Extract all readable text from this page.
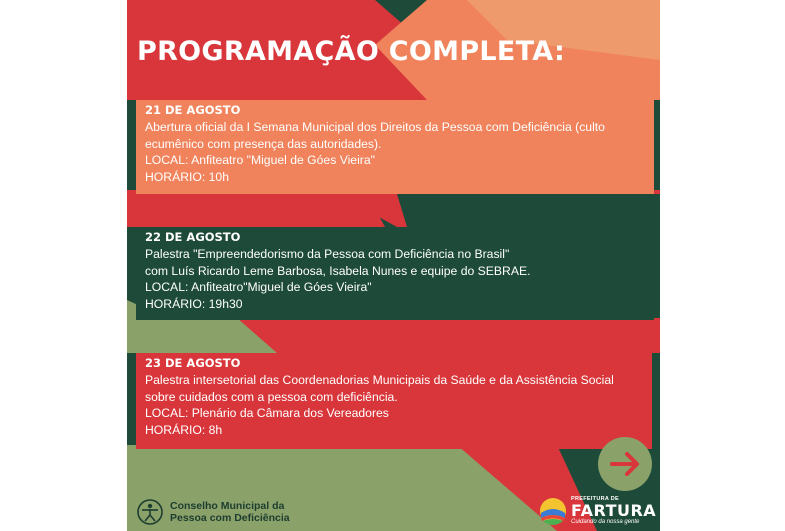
PROGRAMAÇÃO COMPLETA:
21 DE AGOSTO
Abertura oficial da I Semana Municipal dos Direitos da Pessoa com Deficiência (culto ecumênico com presença das autoridades).
LOCAL: Anfiteatro "Miguel de Góes Vieira"
HORÁRIO: 10h
22 DE AGOSTO
Palestra "Empreendedorismo da Pessoa com Deficiência no Brasil"
com Luís Ricardo Leme Barbosa, Isabela Nunes e equipe do SEBRAE.
LOCAL: Anfiteatro"Miguel de Góes Vieira"
HORÁRIO: 19h30
23 DE AGOSTO
Palestra intersetorial das Coordenadorias Municipais da Saúde e da Assistência Social sobre cuidados com a pessoa com deficiência.
LOCAL: Plenário da Câmara dos Vereadores
HORÁRIO: 8h
Conselho Municipal da
Pessoa com Deficiência
PREFEITURA DE
FARTURA
Cuidando da nossa gente
